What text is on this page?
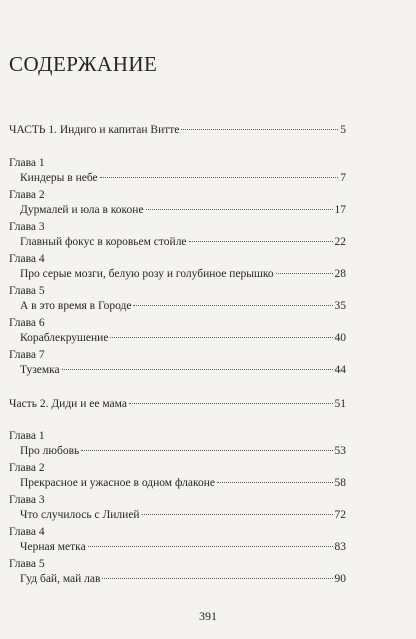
СОДЕРЖАНИЕ
ЧАСТЬ 1. Индиго и капитан Витте	5
Глава 1
Киндеры в небе	7
Глава 2
Дурмалей и юла в коконе	17
Глава 3
Главный фокус в коровьем стойле	22
Глава 4
Про серые мозги, белую розу и голубиное перышко	28
Глава 5
А в это время в Городе	35
Глава 6
Кораблекрушение	40
Глава 7
Туземка	44
Часть 2. Диди и ее мама	51
Глава 1
Про любовь	53
Глава 2
Прекрасное и ужасное в одном флаконе	58
Глава 3
Что случилось с Лилией	72
Глава 4
Черная метка	83
Глава 5
Гуд бай, май лав	90
391
